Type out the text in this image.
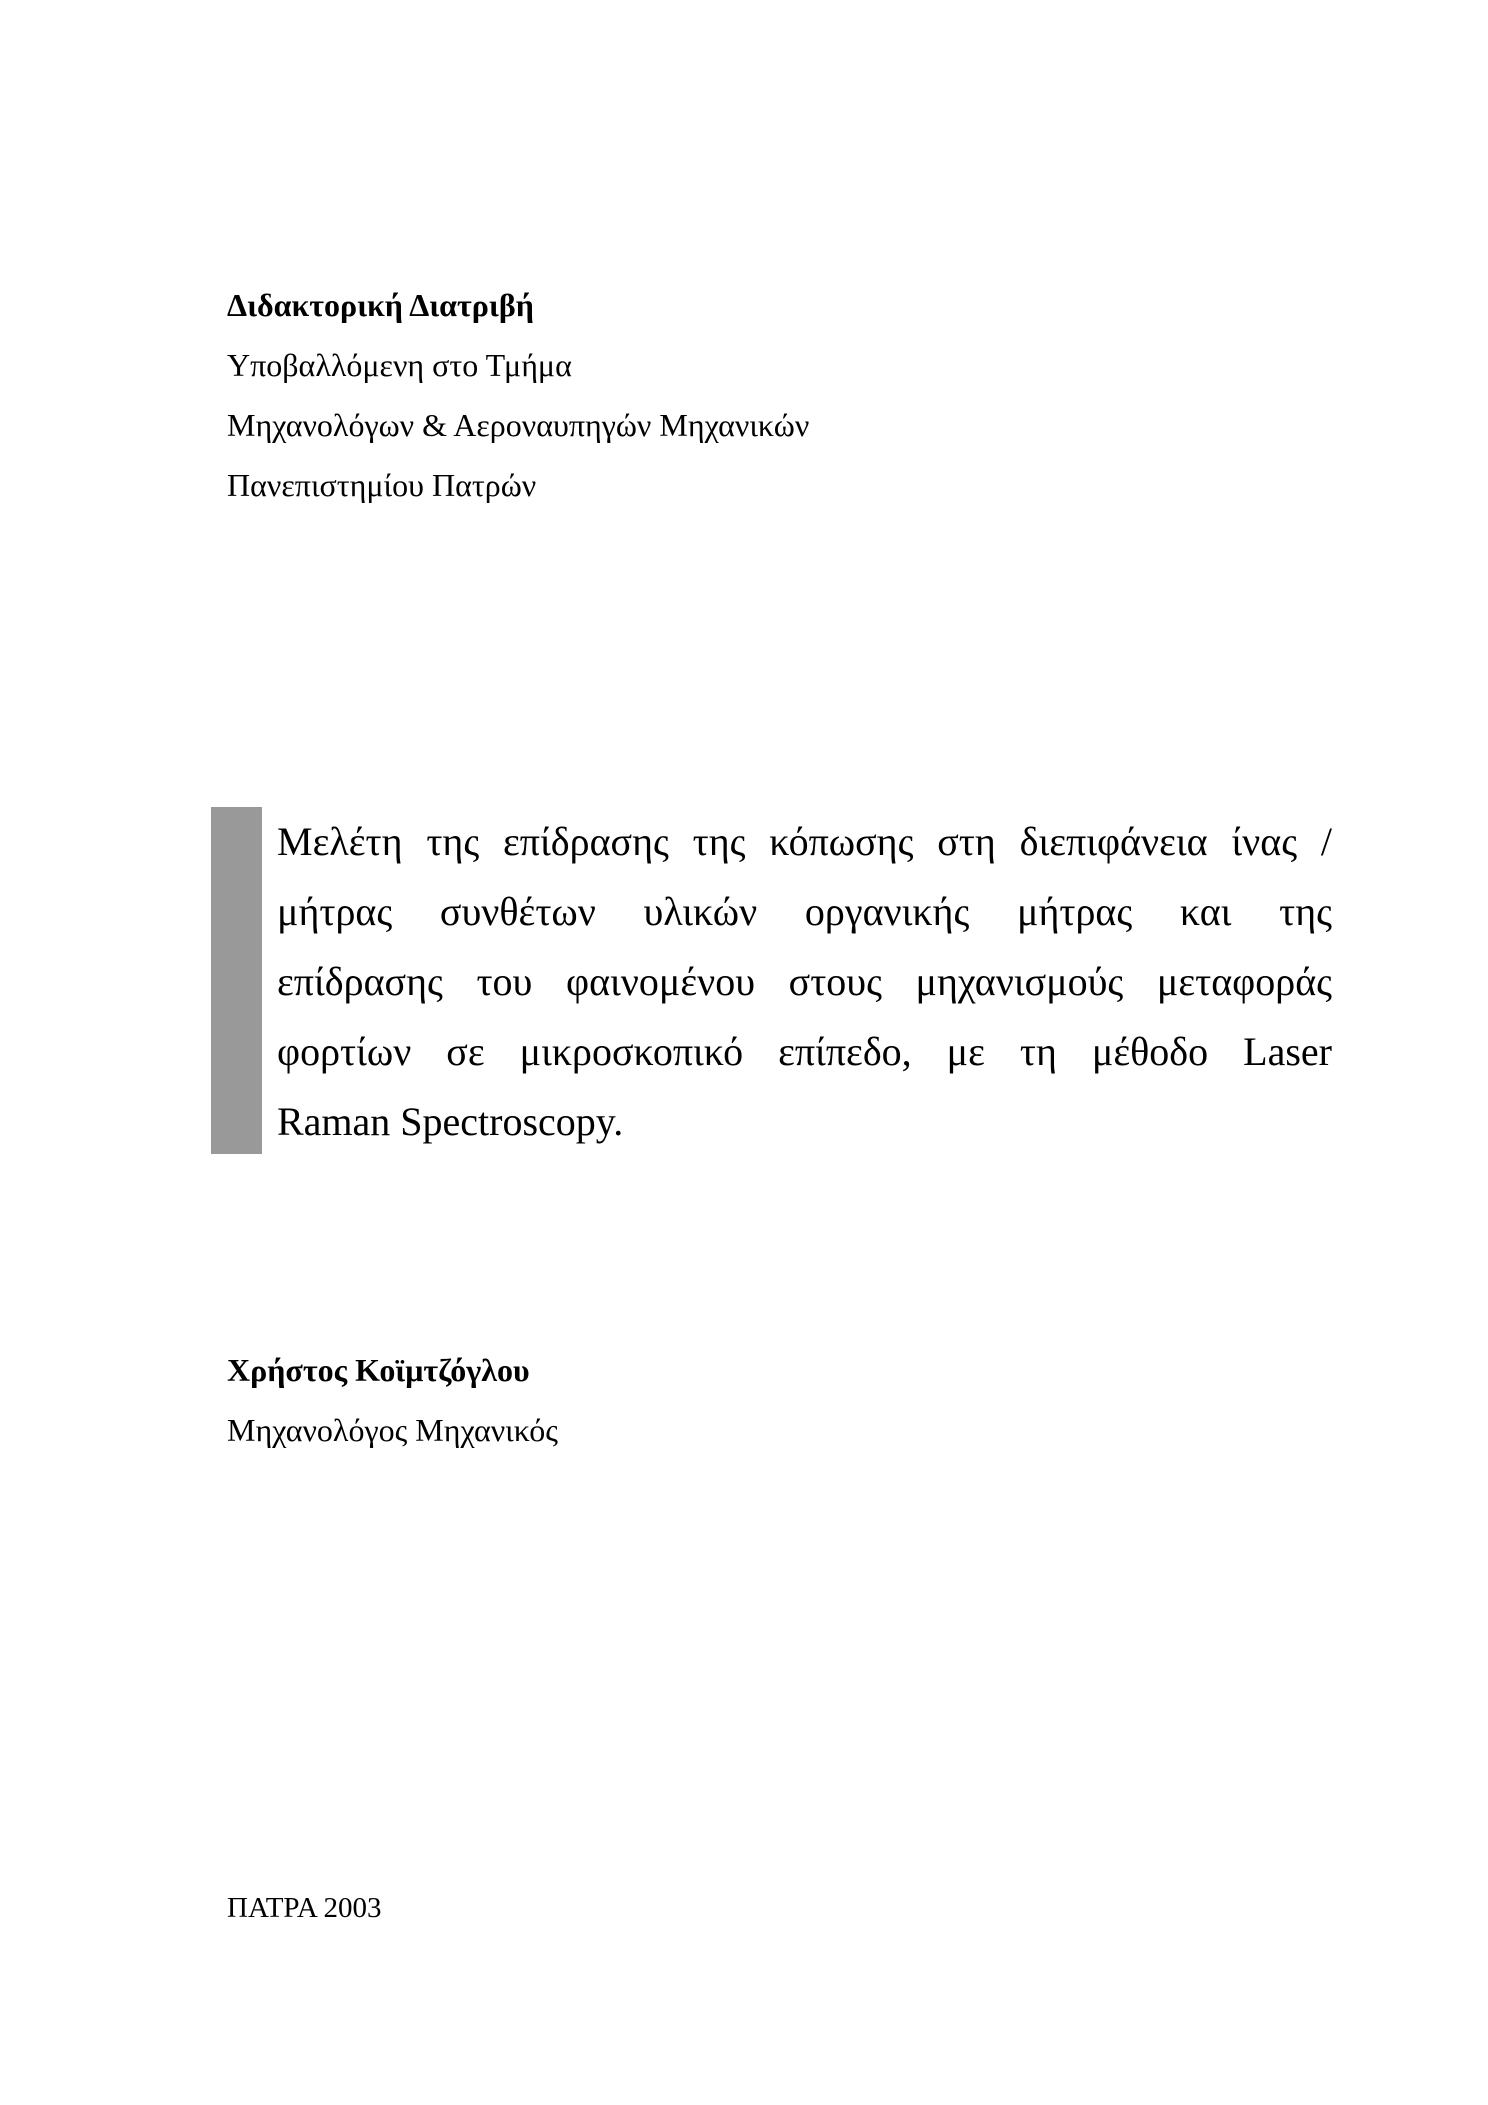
Διδακτορική Διατριβή
Υποβαλλόμενη στο Τμήμα
Μηχανολόγων & Αεροναυπηγών Μηχανικών
Πανεπιστημίου Πατρών
Μελέτη της επίδρασης της κόπωσης στη διεπιφάνεια ίνας /
μήτρας συνθέτων υλικών οργανικής μήτρας και της
επίδρασης του φαινομένου στους μηχανισμούς μεταφοράς
φορτίων σε μικροσκοπικό επίπεδο, με τη μέθοδο Laser
Raman Spectroscopy.
Χρήστος Κοϊμτζόγλου
Μηχανολόγος Μηχανικός
ΠΑΤΡΑ 2003
